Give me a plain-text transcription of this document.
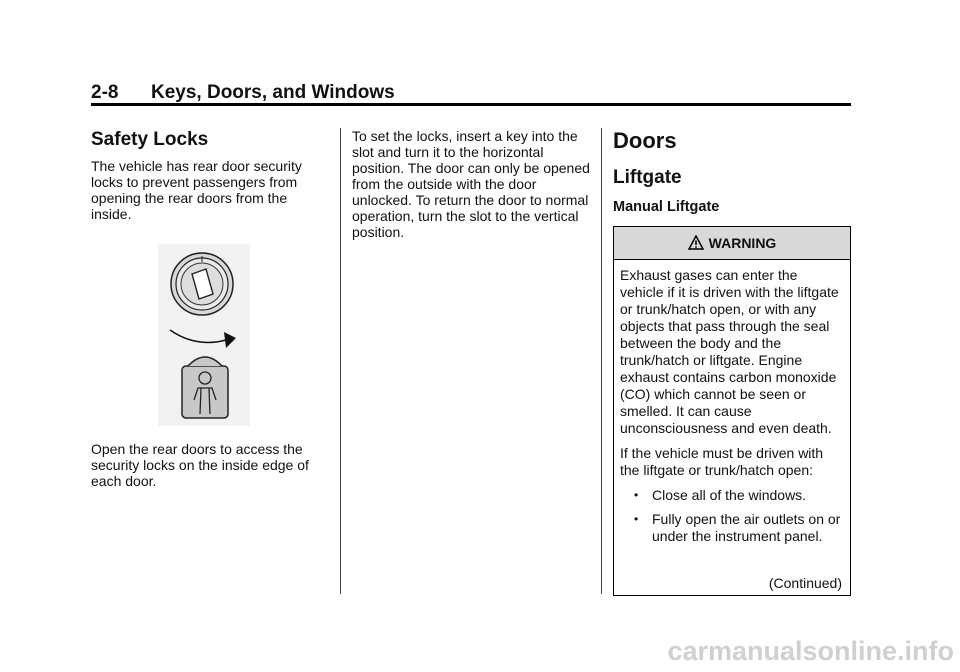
2-8 Keys, Doors, and Windows
Safety Locks

The vehicle has rear door security locks to prevent passengers from opening the rear doors from the inside.

Open the rear doors to access the security locks on the inside edge of each door.

To set the locks, insert a key into the slot and turn it to the horizontal position. The door can only be opened from the outside with the door unlocked. To return the door to normal operation, turn the slot to the vertical position.

Doors
Liftgate
Manual Liftgate
WARNING

Exhaust gases can enter the vehicle if it is driven with the liftgate or trunk/hatch open, or with any objects that pass through the seal between the body and the trunk/hatch or liftgate. Engine exhaust contains carbon monoxide (CO) which cannot be seen or smelled. It can cause unconsciousness and even death.

If the vehicle must be driven with the liftgate or trunk/hatch open:

• Close all of the windows.
• Fully open the air outlets on or under the instrument panel.
(Continued)
carmanualsonline.info
